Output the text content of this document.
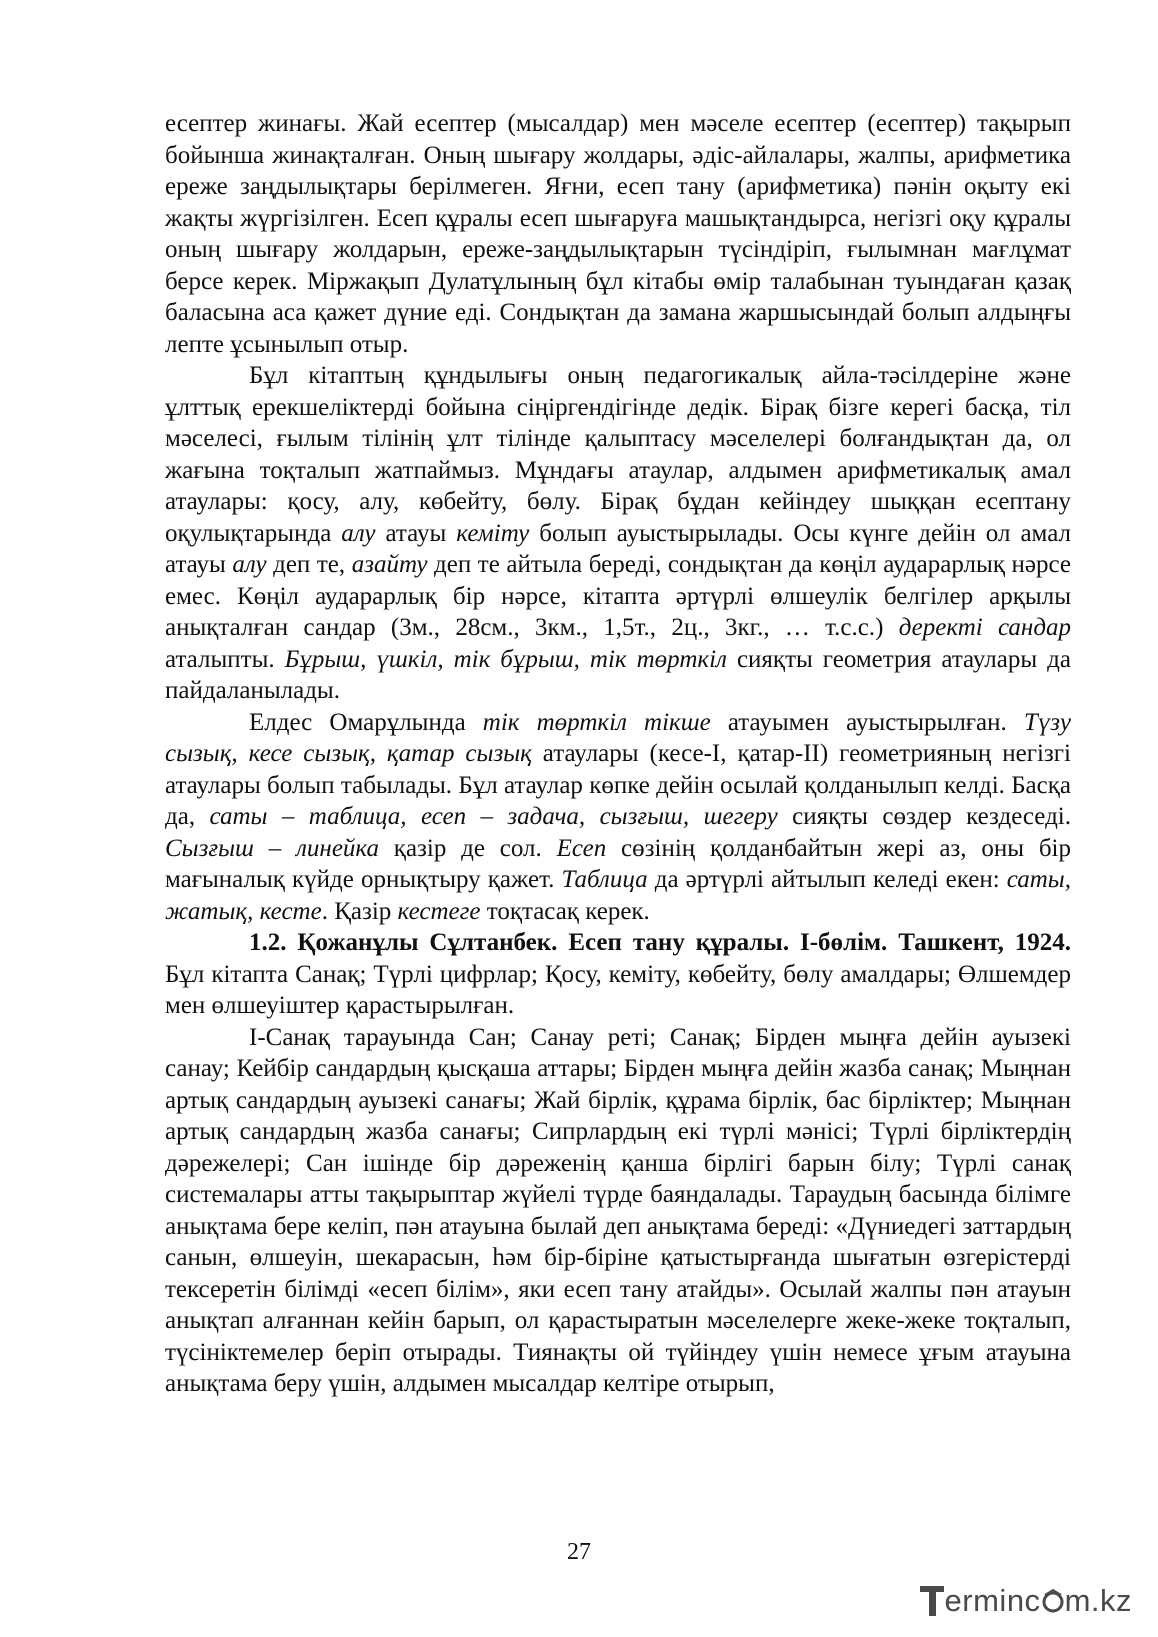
есептер жинағы. Жай есептер (мысалдар) мен мәселе есептер (есептер) тақырып бойынша жинақталған. Оның шығару жолдары, әдіс-айлалары, жалпы, арифметика ереже заңдылықтары берілмеген. Яғни, есеп тану (арифметика) пәнін оқыту екі жақты жүргізілген. Есеп құралы есеп шығаруға машықтандырса, негізгі оқу құралы оның шығару жолдарын, ереже-заңдылықтарын түсіндіріп, ғылымнан мағлұмат берсе керек. Міржақып Дулатұлының бұл кітабы өмір талабынан туындаған қазақ баласына аса қажет дүние еді. Сондықтан да замана жаршысындай болып алдыңғы лепте ұсынылып отыр.

Бұл кітаптың құндылығы оның педагогикалық айла-тәсілдеріне және ұлттық ерекшеліктерді бойына сіңіргендігінде дедік. Бірақ бізге керегі басқа, тіл мәселесі, ғылым тілінің ұлт тілінде қалыптасу мәселелері болғандықтан да, ол жағына тоқталып жатпаймыз. Мұндағы атаулар, алдымен арифметикалық амал атаулары: қосу, алу, көбейту, бөлу. Бірақ бұдан кейіндеу шыққан есептану оқулықтарында алу атауы кеміту болып ауыстырылады. Осы күнге дейін ол амал атауы алу деп те, азайту деп те айтыла береді, сондықтан да көңіл аударарлық нәрсе емес. Көңіл аударарлық бір нәрсе, кітапта әртүрлі өлшеулік белгілер арқылы анықталған сандар (3м., 28см., 3км., 1,5т., 2ц., 3кг., … т.с.с.) деректі сандар аталыпты. Бұрыш, үшкіл, тік бұрыш, тік төрткіл сияқты геометрия атаулары да пайдаланылады.

Елдес Омарұлында тік төрткіл тікше атауымен ауыстырылған. Түзу сызық, кесе сызық, қатар сызық атаулары (кесе-І, қатар-ІІ) геометрияның негізгі атаулары болып табылады. Бұл атаулар көпке дейін осылай қолданылып келді. Басқа да, саты – таблица, есеп – задача, сызғыш, шегеру сияқты сөздер кездеседі. Сызғыш – линейка қазір де сол. Есеп сөзінің қолданбайтын жері аз, оны бір мағыналық күйде орнықтыру қажет. Таблица да әртүрлі айтылып келеді екен: саты, жатық, кесте. Қазір кестеге тоқтасақ керек.

1.2. Қожанұлы Сұлтанбек. Есеп тану құралы. І-бөлім. Ташкент, 1924. Бұл кітапта Санақ; Түрлі цифрлар; Қосу, кеміту, көбейту, бөлу амалдары; Өлшемдер мен өлшеуіштер қарастырылған.

І-Санақ тарауында Сан; Санау реті; Санақ; Бірден мыңға дейін ауызекі санау; Кейбір сандардың қысқаша аттары; Бірден мыңға дейін жазба санақ; Мыңнан артық сандардың ауызекі санағы; Жай бірлік, құрама бірлік, бас бірліктер; Мыңнан артық сандардың жазба санағы; Сипрлардың екі түрлі мәнісі; Түрлі бірліктердің дәрежелері; Сан ішінде бір дәреженің қанша бірлігі барын білу; Түрлі санақ системалары атты тақырыптар жүйелі түрде баяндалады. Тараудың басында білімге анықтама бере келіп, пән атауына былай деп анықтама береді: «Дүниедегі заттардың санын, өлшеуін, шекарасын, һәм бір-біріне қатыстырғанда шығатын өзгерістерді тексеретін білімді «есеп білім», яки есеп тану атайды». Осылай жалпы пән атауын анықтап алғаннан кейін барып, ол қарастыратын мәселелерге жеке-жеке тоқталып, түсініктемелер беріп отырады. Тиянақты ой түйіндеу үшін немесе ұғым атауына анықтама беру үшін, алдымен мысалдар келтіре отырып,

27
erminc m.kz
